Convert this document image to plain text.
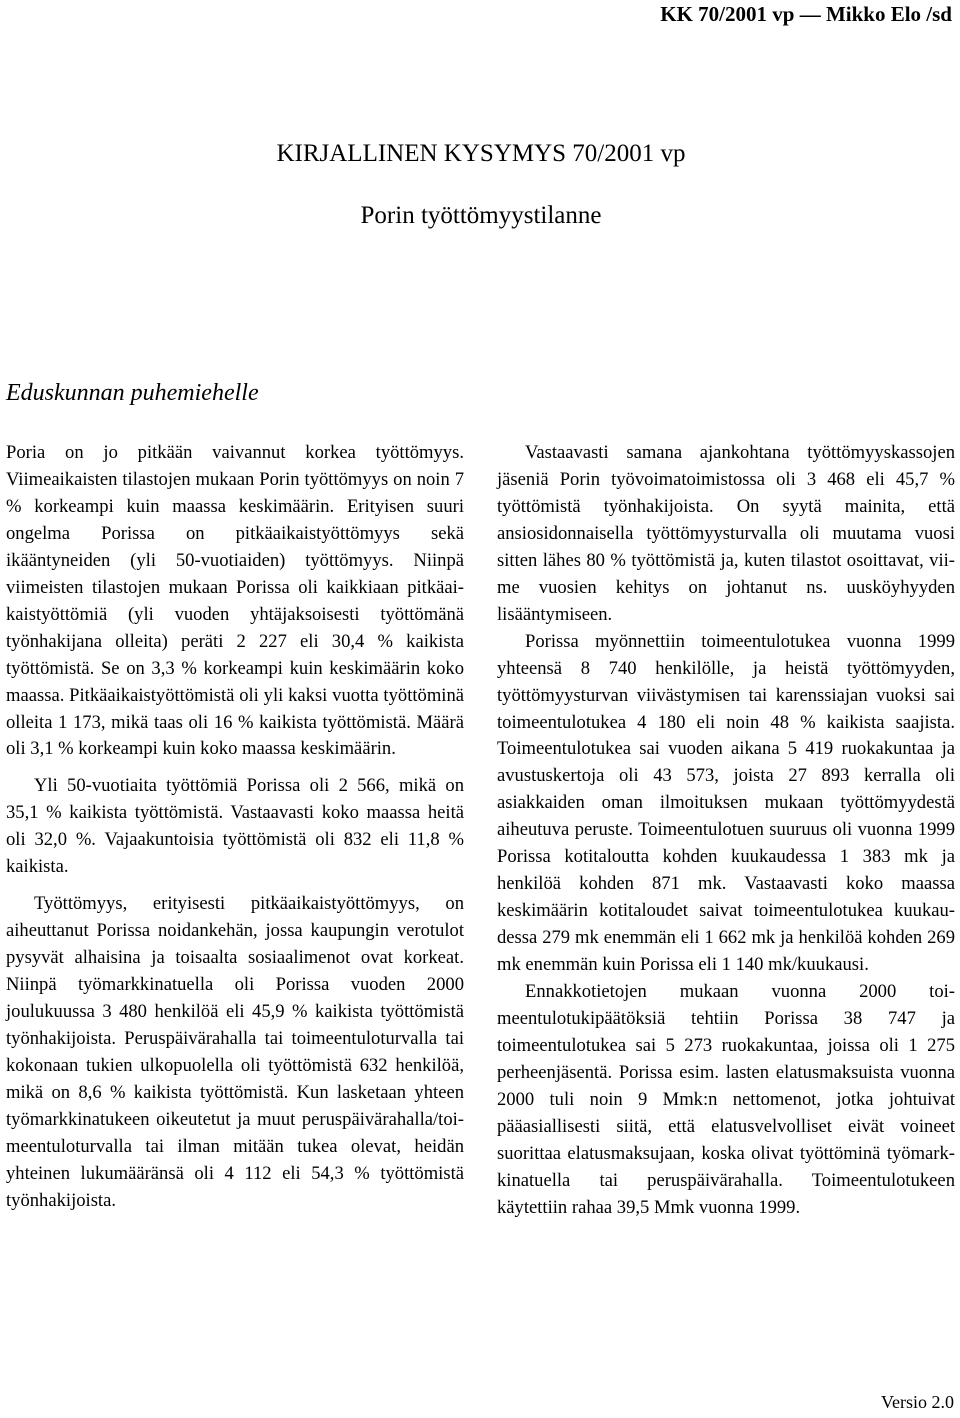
KK 70/2001 vp — Mikko Elo /sd
KIRJALLINEN KYSYMYS 70/2001 vp
Porin työttömyystilanne
Eduskunnan puhemiehelle

Poria on jo pitkään vaivannut korkea työttömyys. Viimeaikaisten tilastojen mukaan Porin työttömyys on noin 7 % korkeampi kuin maassa keskimäärin. Erityisen suuri ongelma Porissa on pitkäaikaistyöttömyys sekä ikääntyneiden (yli 50-vuotiaiden) työttömyys. Niinpä viimeisten tilastojen mukaan Porissa oli kaikkiaan pitkäaikaistyöttömiä (yli vuoden yhtäjaksoisesti työttömänä työnhakijana olleita) peräti 2 227 eli 30,4 % kaikista työttömistä. Se on 3,3 % korkeampi kuin keskimäärin koko maassa. Pitkäaikaistyöttömistä oli yli kaksi vuotta työttöminä olleita 1 173, mikä taas oli 16 % kaikista työttömistä. Määrä oli 3,1 % korkeampi kuin koko maassa keskimäärin.

Yli 50-vuotiaita työttömiä Porissa oli 2 566, mikä on 35,1 % kaikista työttömistä. Vastaavasti koko maassa heitä oli 32,0 %. Vajaakuntoisia työttömistä oli 832 eli 11,8 % kaikista.

Työttömyys, erityisesti pitkäaikaistyöttömyys, on aiheuttanut Porissa noidankehän, jossa kaupungin verotulot pysyvät alhaisina ja toisaalta sosiaalimenot ovat korkeat. Niinpä työmarkkinatuella oli Porissa vuoden 2000 joulukuussa 3 480 henkilöä eli 45,9 % kaikista työttömistä työnhakijoista. Peruspäivärahalla tai toimeentuloturvalla tai kokonaan tukien ulkopuolella oli työttömistä 632 henkilöä, mikä on 8,6 % kaikista työttömistä. Kun lasketaan yhteen työmarkkinatukeen oikeutetut ja muut peruspäivärahalla/toimeentuloturvalla tai ilman mitään tukea olevat, heidän yhteinen lukumääränsä oli 4 112 eli 54,3 % työttömistä työnhakijoista.

Vastaavasti samana ajankohtana työttömyyskassojen jäseniä Porin työvoimatoimistossa oli 3 468 eli 45,7 % työttömistä työnhakijoista. On syytä mainita, että ansiosidonnaisella työttömyysturvalla oli muutama vuosi sitten lähes 80 % työttömistä ja, kuten tilastot osoittavat, viime vuosien kehitys on johtanut ns. uusköyhyyden lisääntymiseen.

Porissa myönnettiin toimeentulotukea vuonna 1999 yhteensä 8 740 henkilölle, ja heistä työttömyyden, työttömyysturvan viivästymisen tai karenssiajan vuoksi sai toimeentulotukea 4 180 eli noin 48 % kaikista saajista. Toimeentulotukea sai vuoden aikana 5 419 ruokakuntaa ja avustuskertoja oli 43 573, joista 27 893 kerralla oli asiakkaiden oman ilmoituksen mukaan työttömyydestä aiheutuva peruste. Toimeentulotuen suuruus oli vuonna 1999 Porissa kotitaloutta kohden kuukaudessa 1 383 mk ja henkilöä kohden 871 mk. Vastaavasti koko maassa keskimäärin kotitaloudet saivat toimeentulotukea kuukaudessa 279 mk enemmän eli 1 662 mk ja henkilöä kohden 269 mk enemmän kuin Porissa eli 1 140 mk/kuukausi.

Ennakkotietojen mukaan vuonna 2000 toimeentulotukipäätöksiä tehtiin Porissa 38 747 ja toimeentulotukea sai 5 273 ruokakuntaa, joissa oli 1 275 perheenjäsentä. Porissa esim. lasten elatusmaksuista vuonna 2000 tuli noin 9 Mmk:n nettomenot, jotka johtuivat pääasiallisesti siitä, että elatusvelvolliset eivät voineet suorittaa elatusmaksujaan, koska olivat työttöminä työmarkkinatuella tai peruspäivärahalla. Toimeentulotukeen käytettiin rahaa 39,5 Mmk vuonna 1999.

Versio 2.0
